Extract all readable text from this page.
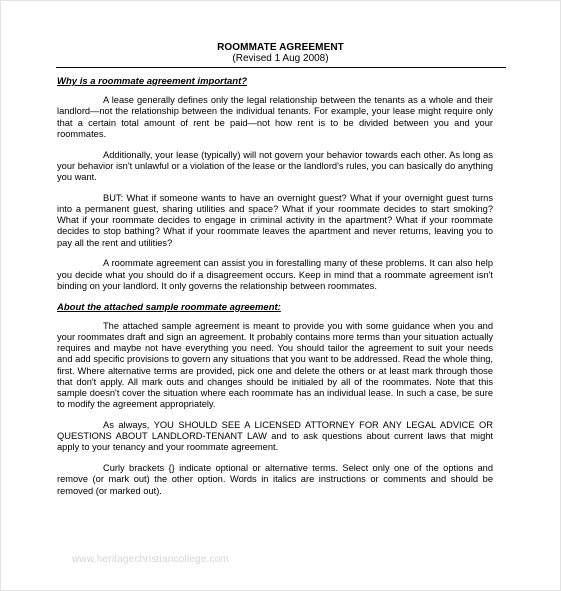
ROOMMATE AGREEMENT
(Revised 1 Aug 2008)
Why is a roommate agreement important?

A lease generally defines only the legal relationship between the tenants as a whole and their landlord—not the relationship between the individual tenants. For example, your lease might require only that a certain total amount of rent be paid—not how rent is to be divided between you and your roommates.

Additionally, your lease (typically) will not govern your behavior towards each other. As long as your behavior isn't unlawful or a violation of the lease or the landlord's rules, you can basically do anything you want.

BUT: What if someone wants to have an overnight guest? What if your overnight guest turns into a permanent guest, sharing utilities and space? What if your roommate decides to start smoking? What if your roommate decides to engage in criminal activity in the apartment? What if your roommate decides to stop bathing? What if your roommate leaves the apartment and never returns, leaving you to pay all the rent and utilities?

A roommate agreement can assist you in forestalling many of these problems. It can also help you decide what you should do if a disagreement occurs. Keep in mind that a roommate agreement isn't binding on your landlord. It only governs the relationship between roommates.

About the attached sample roommate agreement:

The attached sample agreement is meant to provide you with some guidance when you and your roommates draft and sign an agreement. It probably contains more terms than your situation actually requires and maybe not have everything you need. You should tailor the agreement to suit your needs and add specific provisions to govern any situations that you want to be addressed. Read the whole thing, first. Where alternative terms are provided, pick one and delete the others or at least mark through those that don't apply. All mark outs and changes should be initialed by all of the roommates. Note that this sample doesn't cover the situation where each roommate has an individual lease. In such a case, be sure to modify the agreement appropriately.

As always, YOU SHOULD SEE A LICENSED ATTORNEY FOR ANY LEGAL ADVICE OR QUESTIONS ABOUT LANDLORD-TENANT LAW and to ask questions about current laws that might apply to your tenancy and your roommate agreement.

Curly brackets {} indicate optional or alternative terms. Select only one of the options and remove (or mark out) the other option. Words in italics are instructions or comments and should be removed (or marked out).

www.heritagechristiancollege.com
